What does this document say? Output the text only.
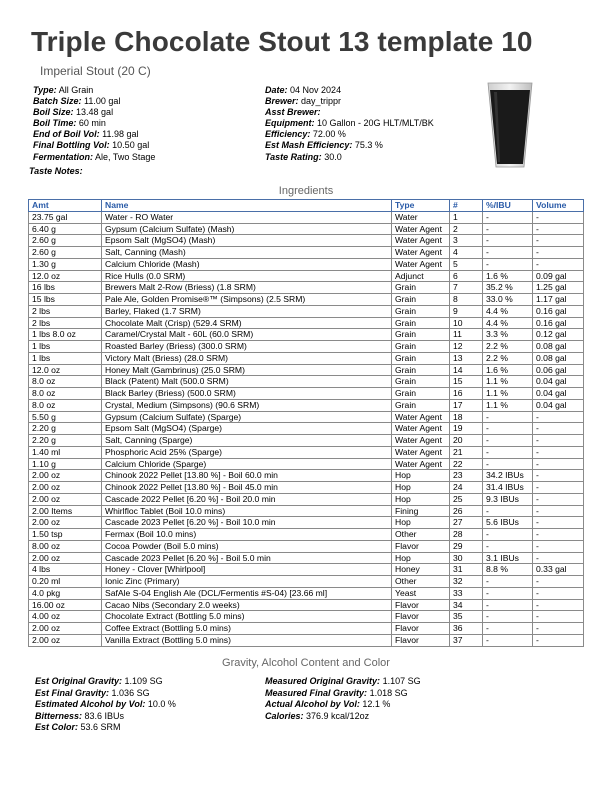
Triple Chocolate Stout 13 template 10
Imperial Stout (20 C)
Type: All Grain
Batch Size: 11.00 gal
Boil Size: 13.48 gal
Boil Time: 60 min
End of Boil Vol: 11.98 gal
Final Bottling Vol: 10.50 gal
Fermentation: Ale, Two Stage
Date: 04 Nov 2024
Brewer: day_trippr
Asst Brewer:
Equipment: 10 Gallon - 20G HLT/MLT/BK
Efficiency: 72.00 %
Est Mash Efficiency: 75.3 %
Taste Rating: 30.0
Taste Notes:
Ingredients
Amt	Name	Type	#	%/IBU	Volume
23.75 gal	Water - RO Water	Water	1	-	-
6.40 g	Gypsum (Calcium Sulfate) (Mash)	Water Agent	2	-	-
2.60 g	Epsom Salt (MgSO4) (Mash)	Water Agent	3	-	-
2.60 g	Salt, Canning (Mash)	Water Agent	4	-	-
1.30 g	Calcium Chloride (Mash)	Water Agent	5	-	-
12.0 oz	Rice Hulls (0.0 SRM)	Adjunct	6	1.6 %	0.09 gal
16 lbs	Brewers Malt 2-Row (Briess) (1.8 SRM)	Grain	7	35.2 %	1.25 gal
15 lbs	Pale Ale, Golden Promise®™ (Simpsons) (2.5 SRM)	Grain	8	33.0 %	1.17 gal
2 lbs	Barley, Flaked (1.7 SRM)	Grain	9	4.4 %	0.16 gal
2 lbs	Chocolate Malt (Crisp) (529.4 SRM)	Grain	10	4.4 %	0.16 gal
1 lbs 8.0 oz	Caramel/Crystal Malt - 60L (60.0 SRM)	Grain	11	3.3 %	0.12 gal
1 lbs	Roasted Barley (Briess) (300.0 SRM)	Grain	12	2.2 %	0.08 gal
1 lbs	Victory Malt (Briess) (28.0 SRM)	Grain	13	2.2 %	0.08 gal
12.0 oz	Honey Malt (Gambrinus) (25.0 SRM)	Grain	14	1.6 %	0.06 gal
8.0 oz	Black (Patent) Malt (500.0 SRM)	Grain	15	1.1 %	0.04 gal
8.0 oz	Black Barley (Briess) (500.0 SRM)	Grain	16	1.1 %	0.04 gal
8.0 oz	Crystal, Medium (Simpsons) (90.6 SRM)	Grain	17	1.1 %	0.04 gal
5.50 g	Gypsum (Calcium Sulfate) (Sparge)	Water Agent	18	-	-
2.20 g	Epsom Salt (MgSO4) (Sparge)	Water Agent	19	-	-
2.20 g	Salt, Canning (Sparge)	Water Agent	20	-	-
1.40 ml	Phosphoric Acid 25% (Sparge)	Water Agent	21	-	-
1.10 g	Calcium Chloride (Sparge)	Water Agent	22	-	-
2.00 oz	Chinook 2022 Pellet [13.80 %] - Boil 60.0 min	Hop	23	34.2 IBUs	-
2.00 oz	Chinook 2022 Pellet [13.80 %] - Boil 45.0 min	Hop	24	31.4 IBUs	-
2.00 oz	Cascade 2022 Pellet [6.20 %] - Boil 20.0 min	Hop	25	9.3 IBUs	-
2.00 Items	Whirlfloc Tablet (Boil 10.0 mins)	Fining	26	-	-
2.00 oz	Cascade 2023 Pellet [6.20 %] - Boil 10.0 min	Hop	27	5.6 IBUs	-
1.50 tsp	Fermax (Boil 10.0 mins)	Other	28	-	-
8.00 oz	Cocoa Powder (Boil 5.0 mins)	Flavor	29	-	-
2.00 oz	Cascade 2023 Pellet [6.20 %] - Boil 5.0 min	Hop	30	3.1 IBUs	-
4 lbs	Honey - Clover [Whirlpool]	Honey	31	8.8 %	0.33 gal
0.20 ml	Ionic Zinc (Primary)	Other	32	-	-
4.0 pkg	SafAle S-04 English Ale (DCL/Fermentis #S-04) [23.66 ml]	Yeast	33	-	-
16.00 oz	Cacao Nibs (Secondary 2.0 weeks)	Flavor	34	-	-
4.00 oz	Chocolate Extract (Bottling 5.0 mins)	Flavor	35	-	-
2.00 oz	Coffee Extract (Bottling 5.0 mins)	Flavor	36	-	-
2.00 oz	Vanilla Extract (Bottling 5.0 mins)	Flavor	37	-	-
Gravity, Alcohol Content and Color
Est Original Gravity: 1.109 SG
Est Final Gravity: 1.036 SG
Estimated Alcohol by Vol: 10.0 %
Bitterness: 83.6 IBUs
Est Color: 53.6 SRM
Measured Original Gravity: 1.107 SG
Measured Final Gravity: 1.018 SG
Actual Alcohol by Vol: 12.1 %
Calories: 376.9 kcal/12oz
